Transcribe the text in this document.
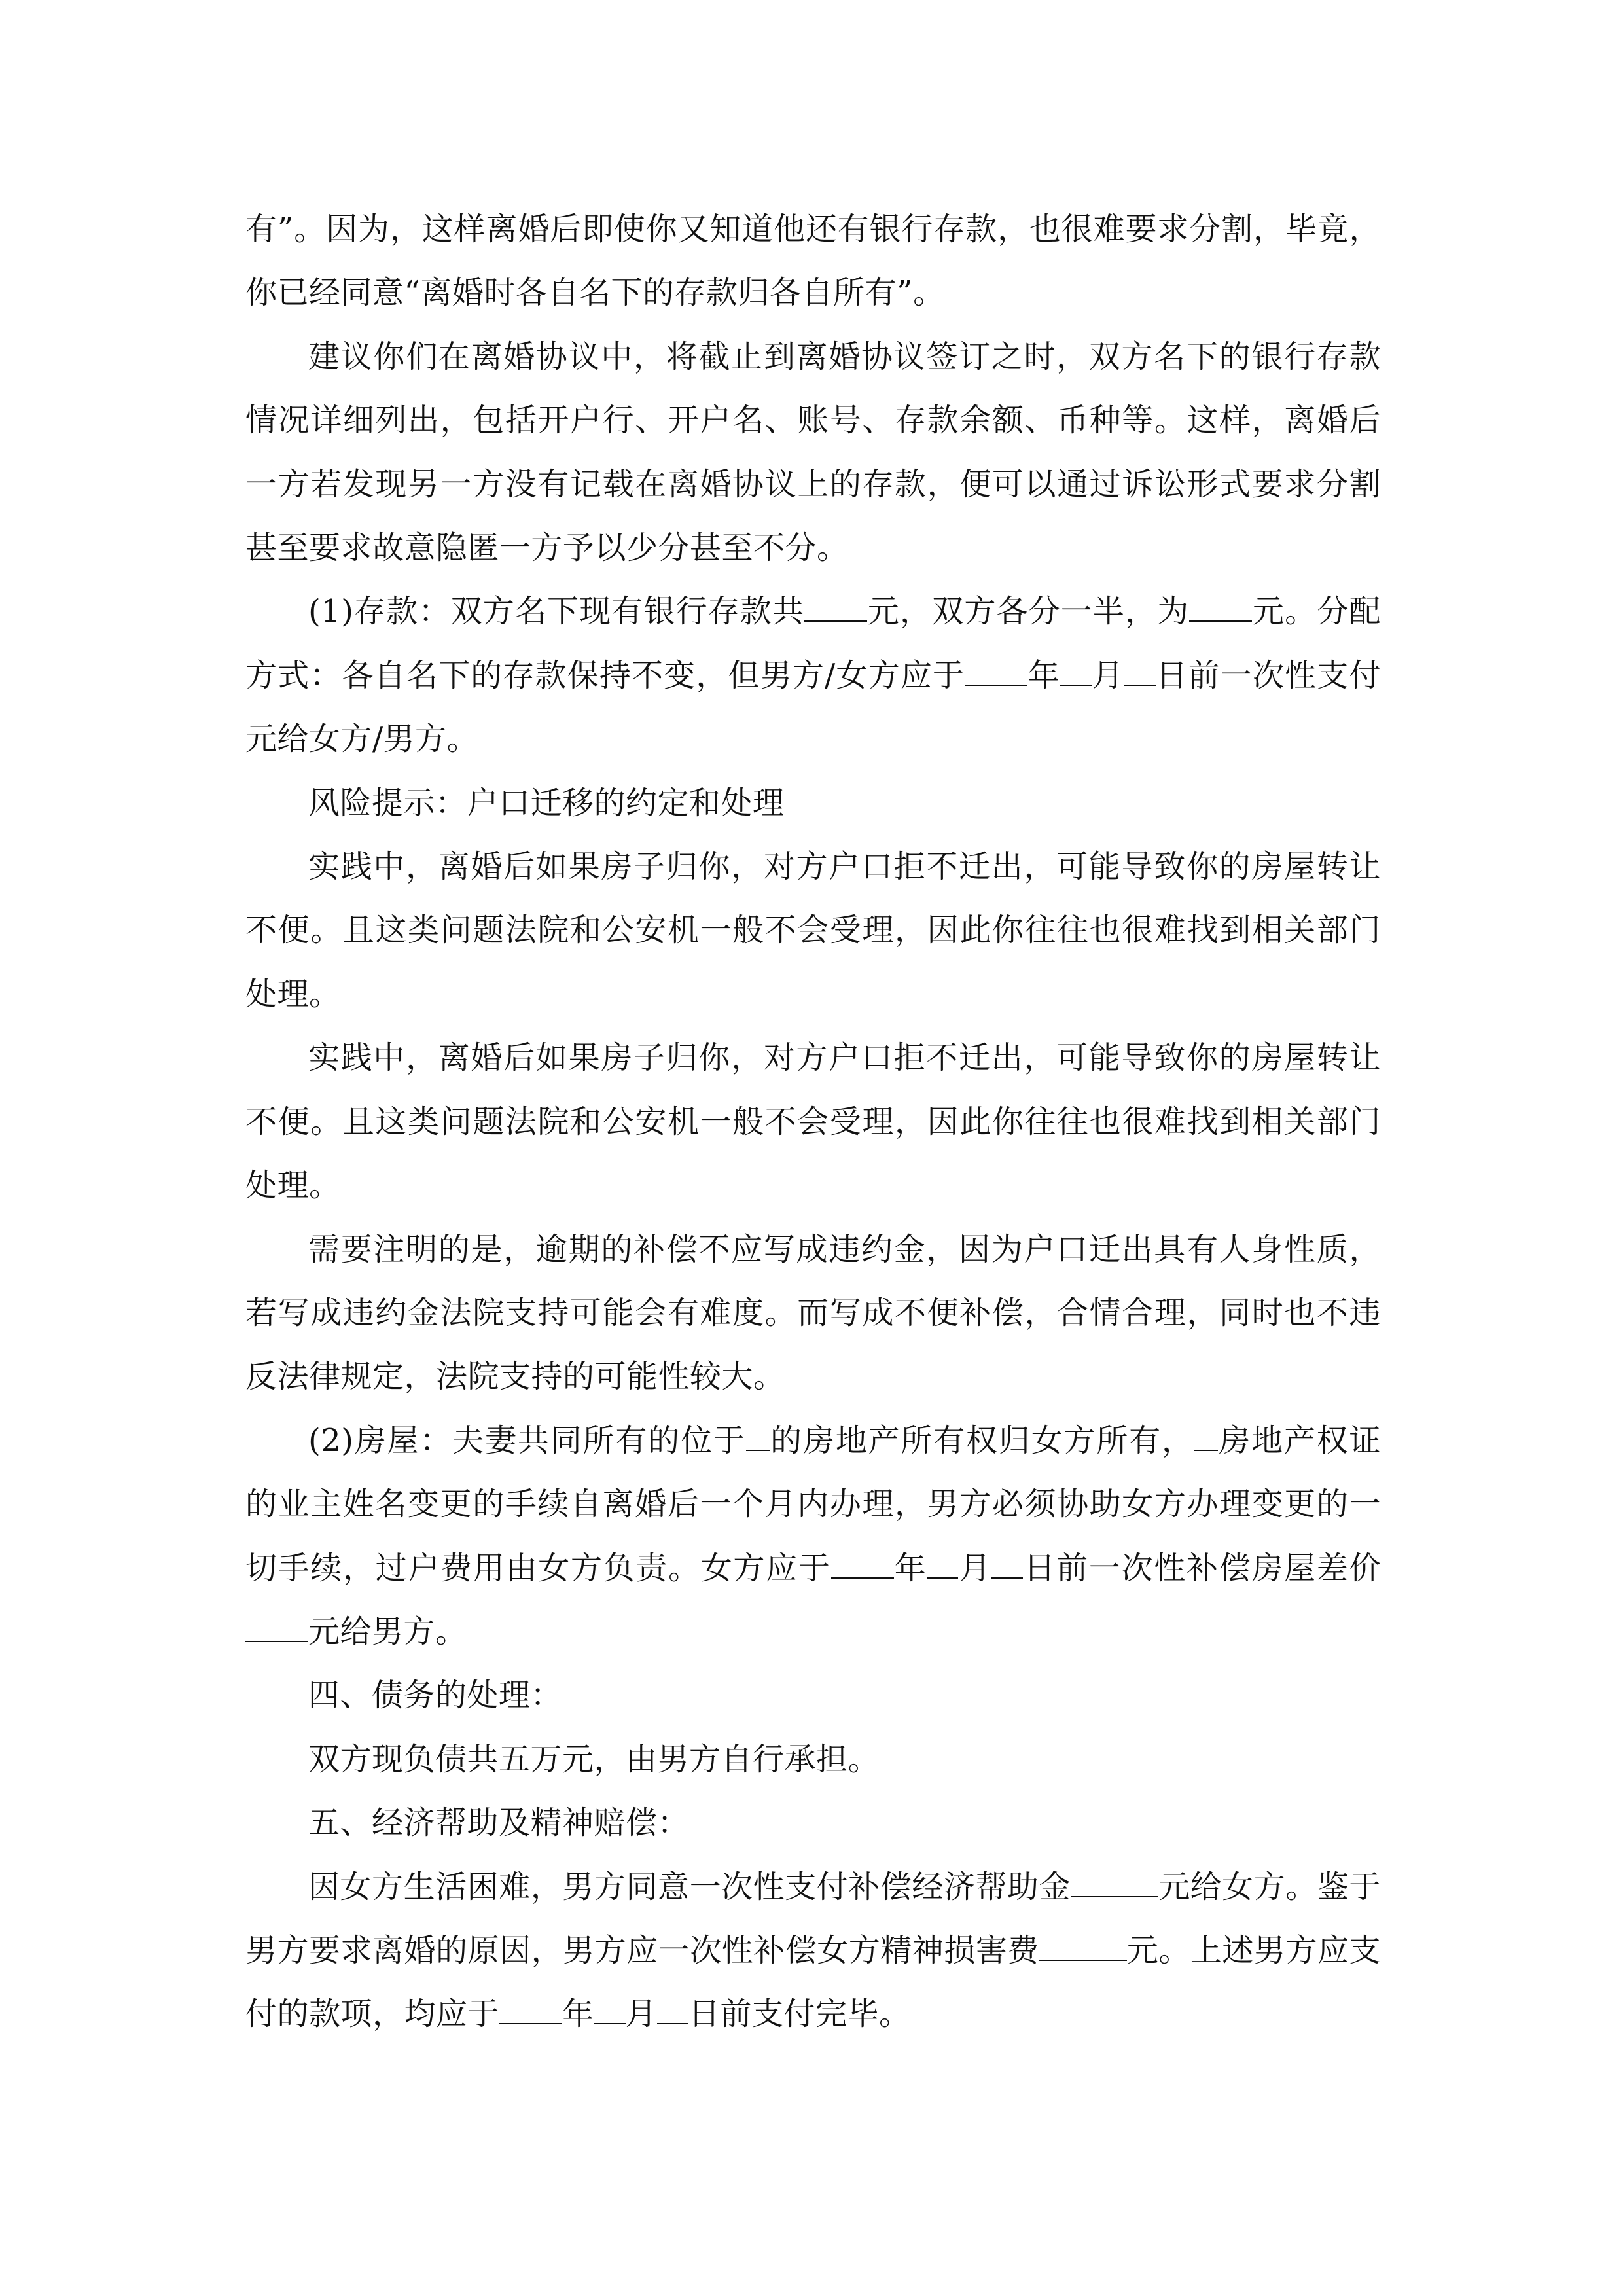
有”。因为，这样离婚后即使你又知道他还有银行存款，也很难要求分割，毕竟，你已经同意“离婚时各自名下的存款归各自所有”。

建议你们在离婚协议中，将截止到离婚协议签订之时，双方名下的银行存款情况详细列出，包括开户行、开户名、账号、存款余额、币种等。这样，离婚后一方若发现另一方没有记载在离婚协议上的存款，便可以通过诉讼形式要求分割甚至要求故意隐匿一方予以少分甚至不分。

(1)存款：双方名下现有银行存款共 元，双方各分一半，为 元。分配方式：各自名下的存款保持不变，但男方/女方应于 年 月 日前一次性支付元给女方/男方。

风险提示：户口迁移的约定和处理

实践中，离婚后如果房子归你，对方户口拒不迁出，可能导致你的房屋转让不便。且这类问题法院和公安机一般不会受理，因此你往往也很难找到相关部门处理。

实践中，离婚后如果房子归你，对方户口拒不迁出，可能导致你的房屋转让不便。且这类问题法院和公安机一般不会受理，因此你往往也很难找到相关部门处理。

需要注明的是，逾期的补偿不应写成违约金，因为户口迁出具有人身性质，若写成违约金法院支持可能会有难度。而写成不便补偿，合情合理，同时也不违反法律规定，法院支持的可能性较大。

(2)房屋：夫妻共同所有的位于 的房地产所有权归女方所有， 房地产权证的业主姓名变更的手续自离婚后一个月内办理，男方必须协助女方办理变更的一切手续，过户费用由女方负责。女方应于 年 月 日前一次性补偿房屋差价元给男方。

四、债务的处理：

双方现负债共五万元，由男方自行承担。

五、经济帮助及精神赔偿：

因女方生活困难，男方同意一次性支付补偿经济帮助金	元给女方。鉴于男方要求离婚的原因，男方应一次性补偿女方精神损害费	元。上述男方应支付的款项，均应于 年 月 日前支付完毕。
